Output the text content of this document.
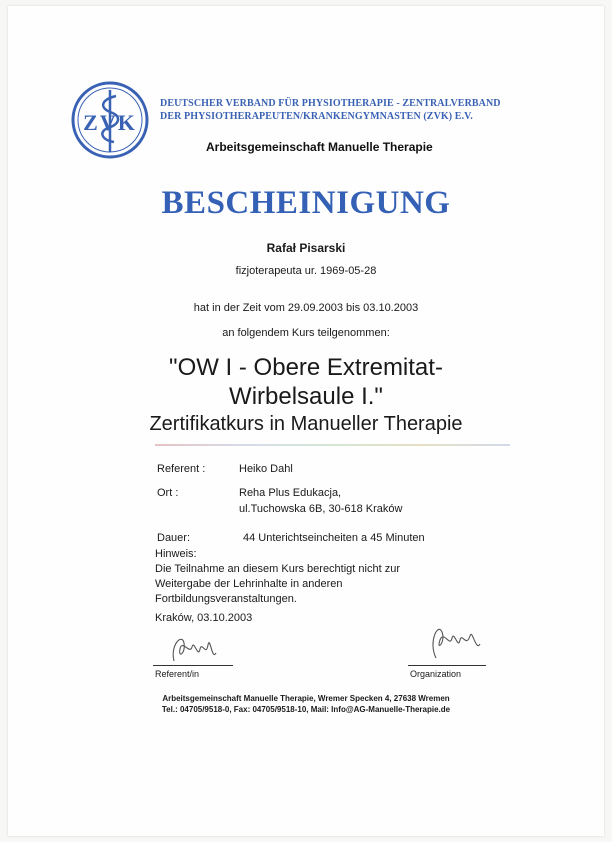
ZVK
DEUTSCHER VERBAND FÜR PHYSIOTHERAPIE - ZENTRALVERBAND
DER PHYSIOTHERAPEUTEN/KRANKENGYMNASTEN (ZVK) E.V.
Arbeitsgemeinschaft Manuelle Therapie
BESCHEINIGUNG
Rafał Pisarski
fizjoterapeuta ur. 1969-05-28
hat in der Zeit vom 29.09.2003 bis 03.10.2003
an folgendem Kurs teilgenommen:
"OW I - Obere Extremitat-
Wirbelsaule I."
Zertifikatkurs in Manueller Therapie
Referent :	Heiko Dahl
Ort :	Reha Plus Edukacja,
ul.Tuchowska 6B, 30-618 Kraków
Dauer:	44 Unterichtseincheiten a 45 Minuten
Hinweis:
Die Teilnahme an diesem Kurs berechtigt nicht zur
Weitergabe der Lehrinhalte in anderen
Fortbildungsveranstaltungen.
Kraków, 03.10.2003
Referent/in	Organization
Arbeitsgemeinschaft Manuelle Therapie, Wremer Specken 4, 27638 Wremen
Tel.: 04705/9518-0, Fax: 04705/9518-10, Mail: Info@AG-Manuelle-Therapie.de
